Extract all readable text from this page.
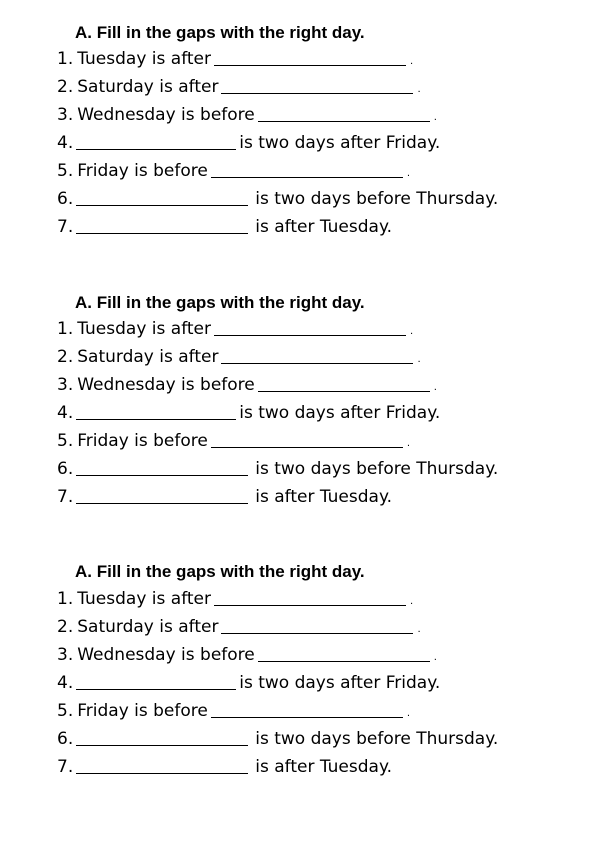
A. Fill in the gaps with the right day.
1. Tuesday is after	.
2. Saturday is after	.
3. Wednesday is before	.
4.	is two days after Friday.
5. Friday is before	.
6.	is two days before Thursday.
7.	is after Tuesday.
A. Fill in the gaps with the right day.
1. Tuesday is after	.
2. Saturday is after	.
3. Wednesday is before	.
4.	is two days after Friday.
5. Friday is before	.
6.	is two days before Thursday.
7.	is after Tuesday.
A. Fill in the gaps with the right day.
1. Tuesday is after	.
2. Saturday is after	.
3. Wednesday is before	.
4.	is two days after Friday.
5. Friday is before	.
6.	is two days before Thursday.
7.	is after Tuesday.
